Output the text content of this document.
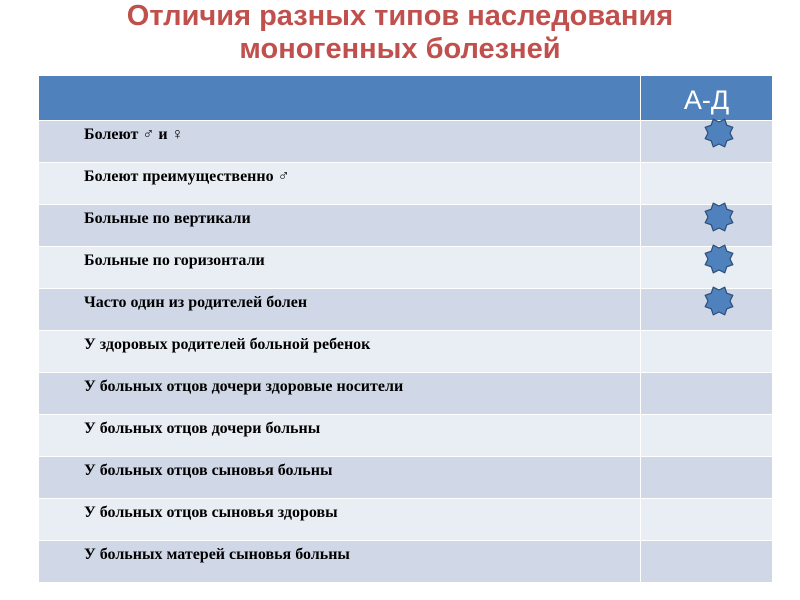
Отличия разных типов наследования
моногенных болезней
	А-Д
Болеют ♂ и ♀	

Болеют преимущественно ♂	
Больные по вертикали	

Больные по горизонтали	

Часто один из родителей болен	

У здоровых родителей больной ребенок	
У больных отцов дочери здоровые носители	
У больных отцов дочери больны	
У больных отцов сыновья больны	
У больных отцов сыновья здоровы	
У больных матерей сыновья больны	
